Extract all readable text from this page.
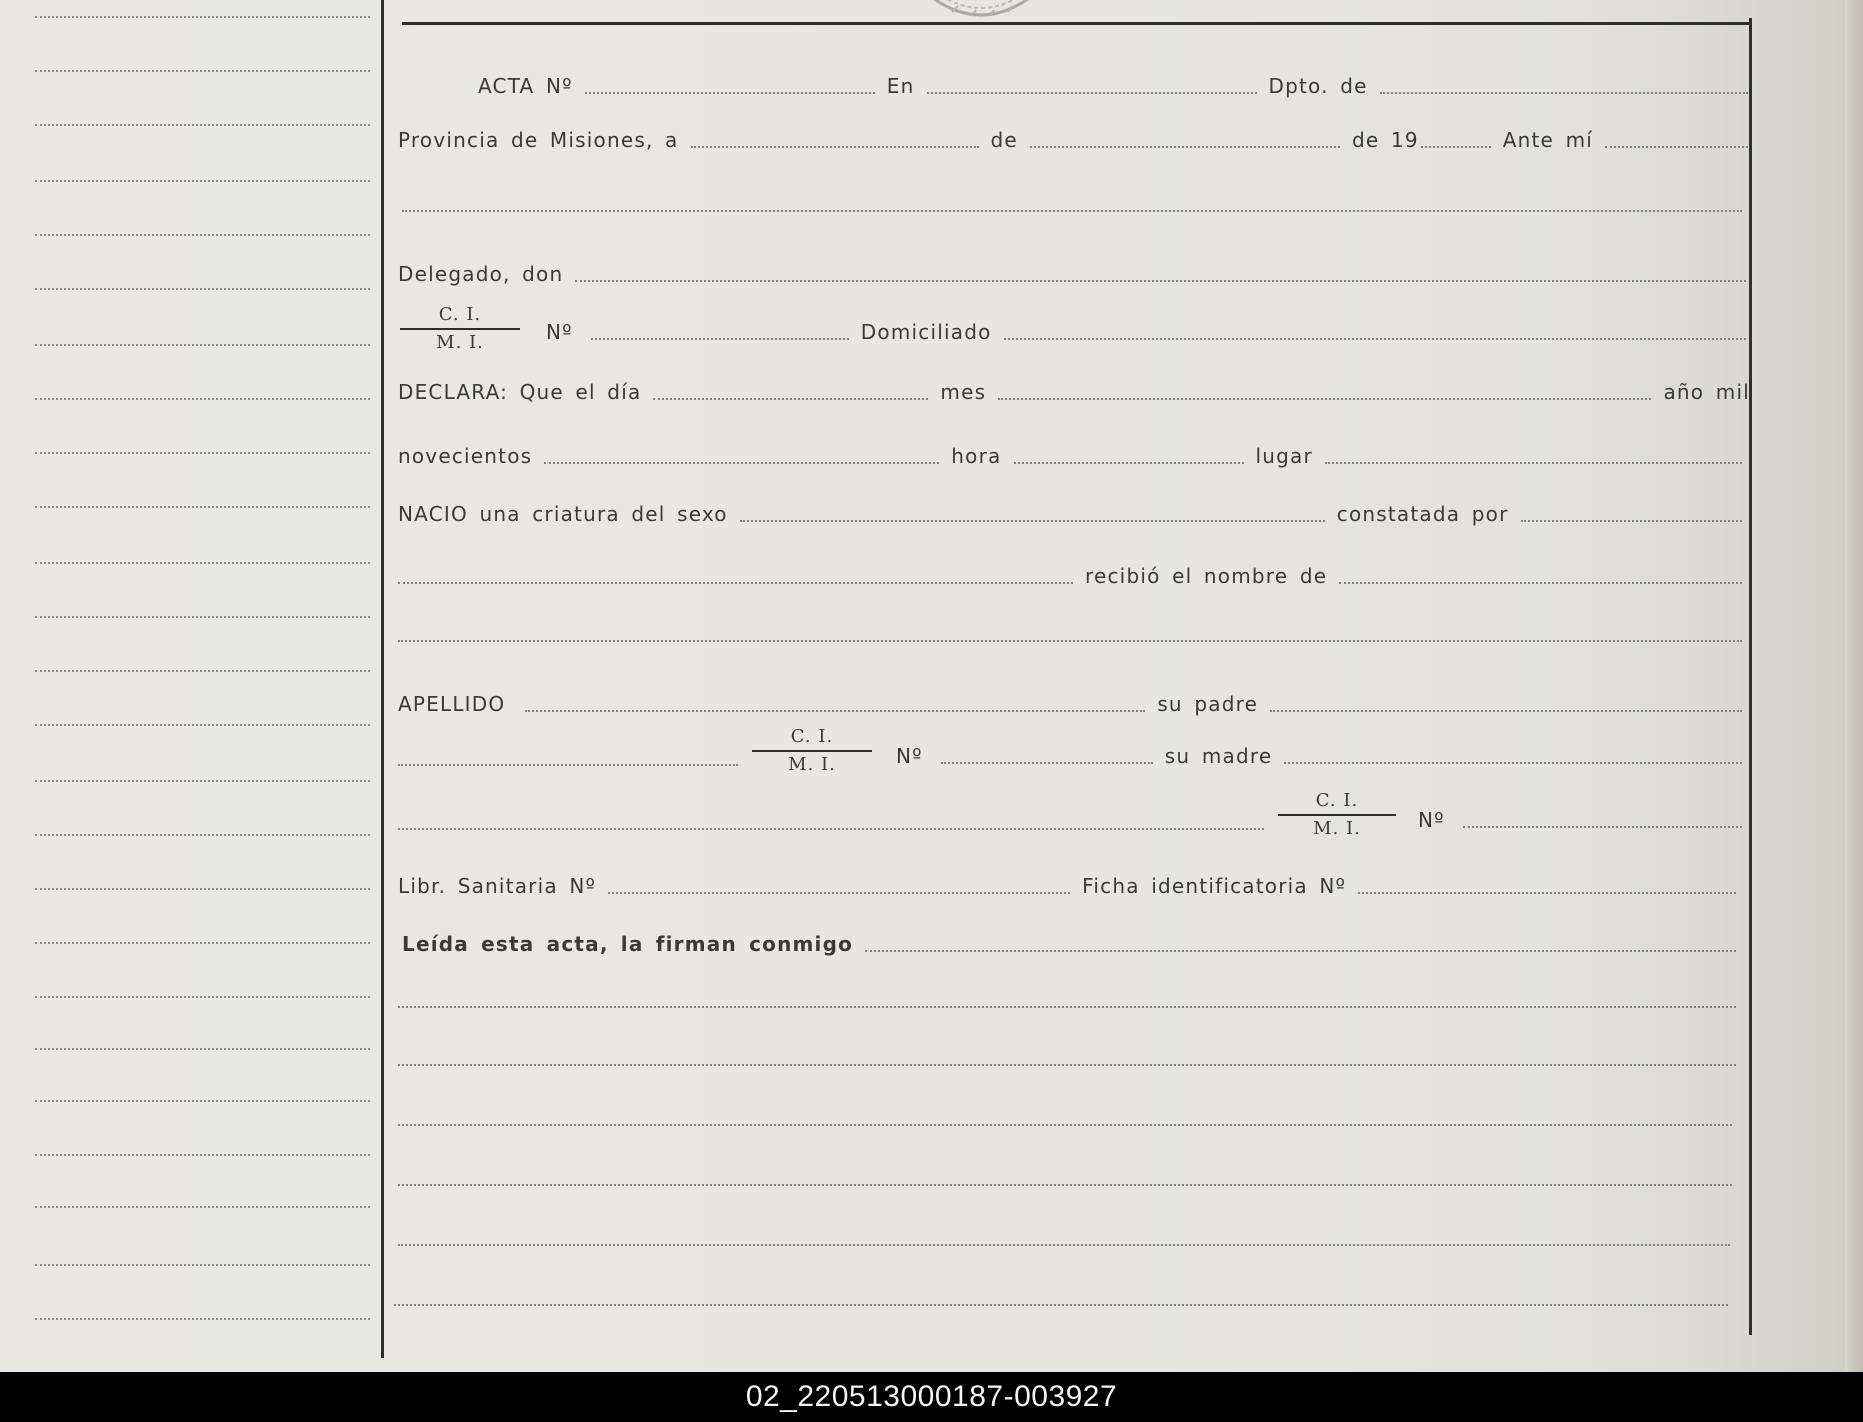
ACTA Nº	En	Dpto. de
Provincia de Misiones, a	de	de 19	Ante mí
Delegado, don
C. I.
M. I.	Nº	Domiciliado
DECLARA: Que el día	mes	año mil
novecientos	hora	lugar
NACIO una criatura del sexo	constatada por
recibió el nombre de
APELLIDO	su padre
C. I.
M. I.	Nº	su madre
C. I.
M. I.	Nº
Libr. Sanitaria Nº	Ficha identificatoria Nº
Leída esta acta, la firman conmigo
02_220513000187-003927
